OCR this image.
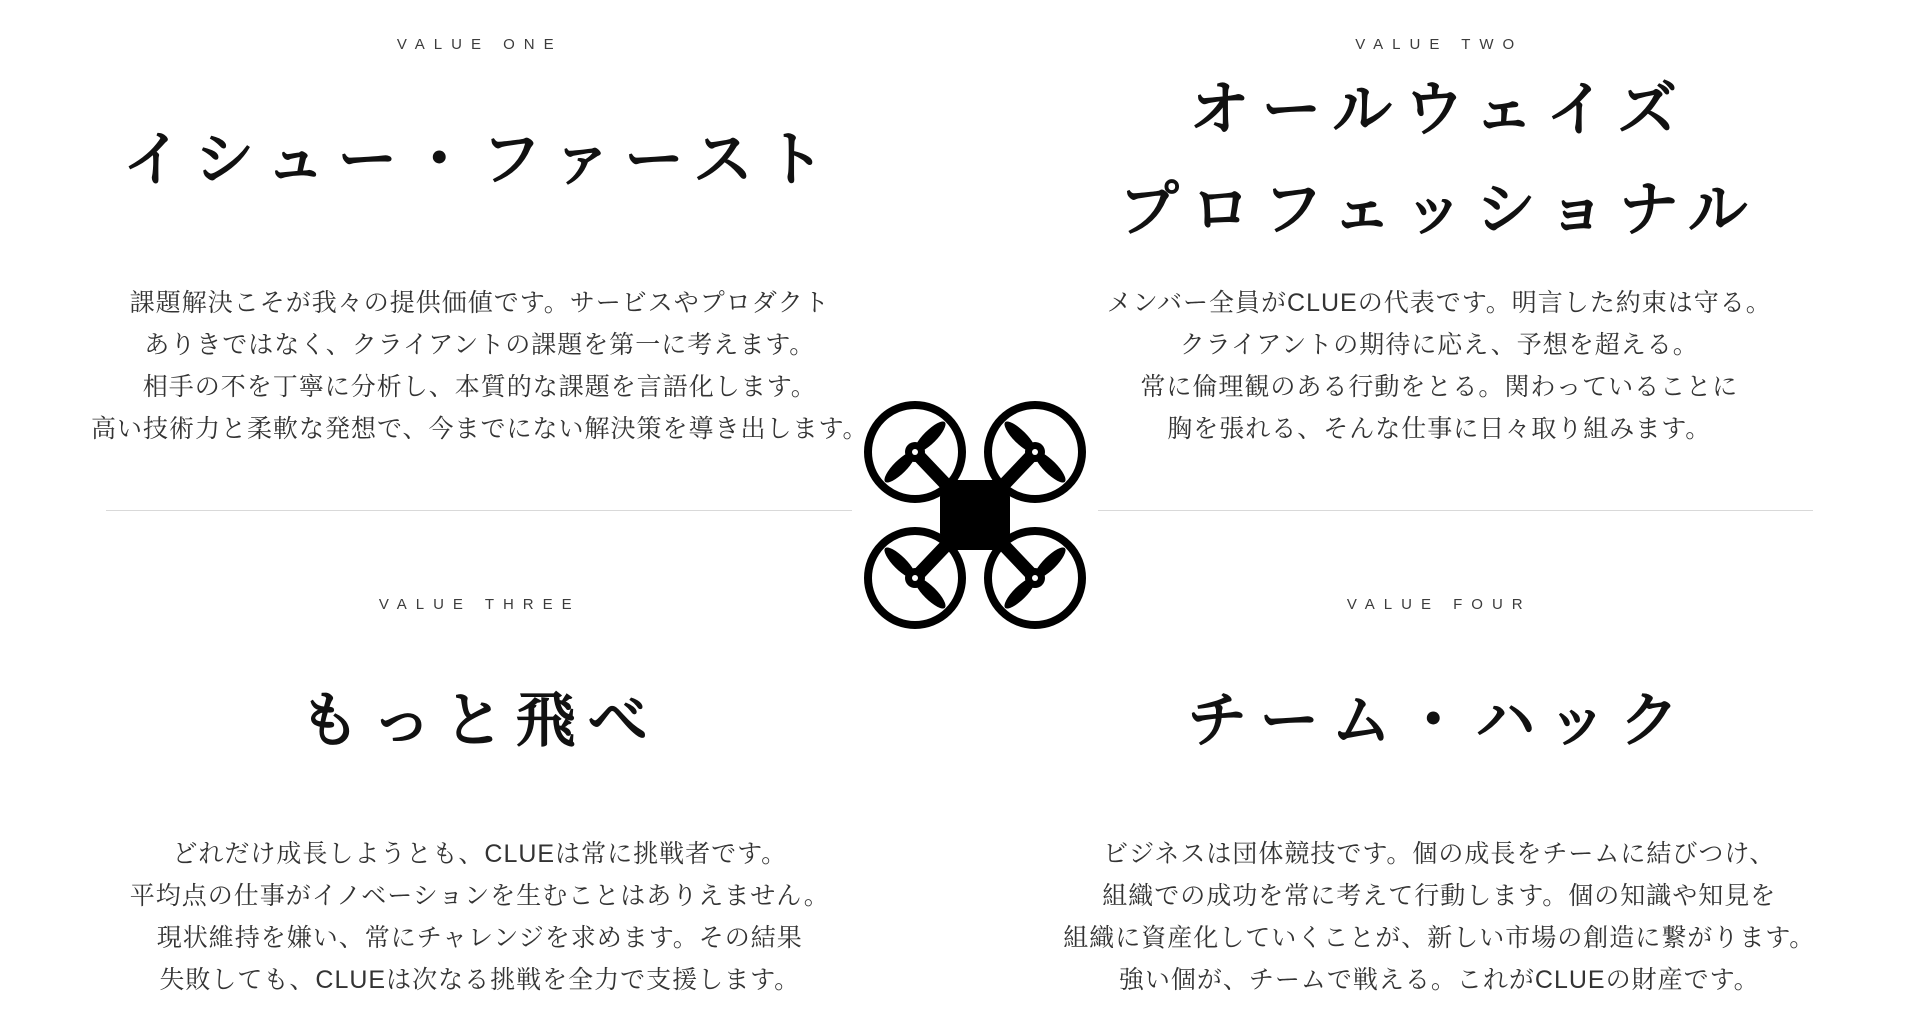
VALUE ONE
イシュー・ファースト

課題解決こそが我々の提供価値です。サービスやプロダクト
ありきではなく、クライアントの課題を第一に考えます。
相手の不を丁寧に分析し、本質的な課題を言語化します。
高い技術力と柔軟な発想で、今までにない解決策を導き出します。

VALUE TWO
オールウェイズ
プロフェッショナル

メンバー全員がCLUEの代表です。明言した約束は守る。
クライアントの期待に応え、予想を超える。
常に倫理観のある行動をとる。関わっていることに
胸を張れる、そんな仕事に日々取り組みます。

VALUE THREE
もっと飛べ

どれだけ成長しようとも、CLUEは常に挑戦者です。
平均点の仕事がイノベーションを生むことはありえません。
現状維持を嫌い、常にチャレンジを求めます。その結果
失敗しても、CLUEは次なる挑戦を全力で支援します。

VALUE FOUR
チーム・ハック

ビジネスは団体競技です。個の成長をチームに結びつけ、
組織での成功を常に考えて行動します。個の知識や知見を
組織に資産化していくことが、新しい市場の創造に繋がります。
強い個が、チームで戦える。これがCLUEの財産です。
